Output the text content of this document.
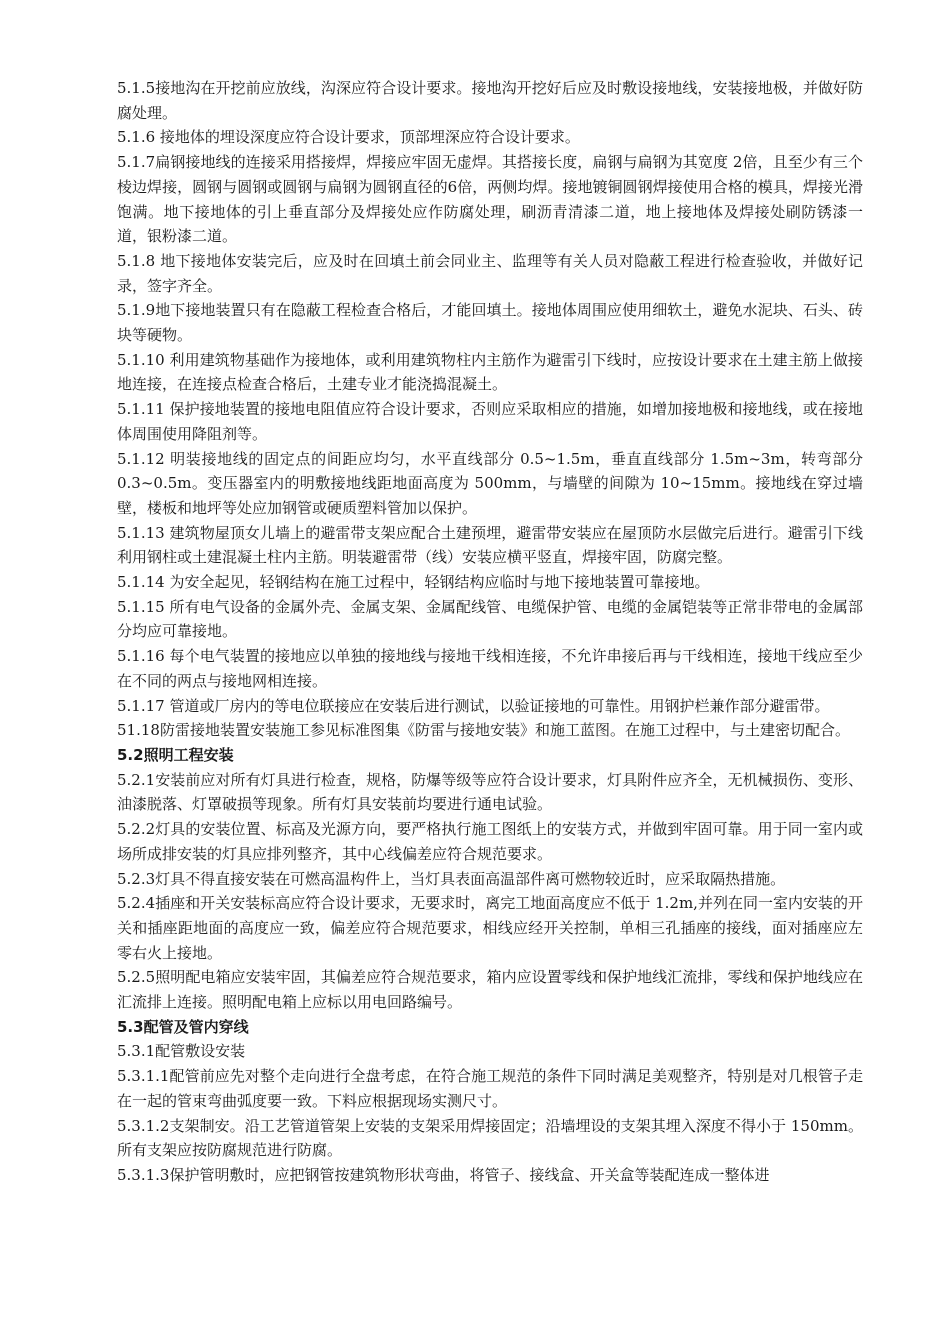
5.1.5接地沟在开挖前应放线，沟深应符合设计要求。接地沟开挖好后应及时敷设接地线，安装接地极，并做好防腐处理。

5.1.6 接地体的埋设深度应符合设计要求，顶部埋深应符合设计要求。

5.1.7扁钢接地线的连接采用搭接焊，焊接应牢固无虚焊。其搭接长度，扁钢与扁钢为其宽度 2倍，且至少有三个棱边焊接，圆钢与圆钢或圆钢与扁钢为圆钢直径的6倍，两侧均焊。接地镀铜圆钢焊接使用合格的模具，焊接光滑饱满。地下接地体的引上垂直部分及焊接处应作防腐处理，刷沥青清漆二道，地上接地体及焊接处刷防锈漆一道，银粉漆二道。

5.1.8 地下接地体安装完后，应及时在回填土前会同业主、监理等有关人员对隐蔽工程进行检查验收，并做好记录，签字齐全。

5.1.9地下接地装置只有在隐蔽工程检查合格后，才能回填土。接地体周围应使用细软土，避免水泥块、石头、砖块等硬物。

5.1.10 利用建筑物基础作为接地体，或利用建筑物柱内主筋作为避雷引下线时，应按设计要求在土建主筋上做接地连接，在连接点检查合格后，土建专业才能浇捣混凝土。

5.1.11 保护接地装置的接地电阻值应符合设计要求，否则应采取相应的措施，如增加接地极和接地线，或在接地体周围使用降阻剂等。

5.1.12 明装接地线的固定点的间距应均匀，水平直线部分 0.5~1.5m，垂直直线部分 1.5m~3m，转弯部分 0.3~0.5m。变压器室内的明敷接地线距地面高度为 500mm，与墙壁的间隙为 10~15mm。接地线在穿过墙壁，楼板和地坪等处应加钢管或硬质塑料管加以保护。

5.1.13 建筑物屋顶女儿墙上的避雷带支架应配合土建预埋，避雷带安装应在屋顶防水层做完后进行。避雷引下线利用钢柱或土建混凝土柱内主筋。明装避雷带（线）安装应横平竖直，焊接牢固，防腐完整。

5.1.14 为安全起见，轻钢结构在施工过程中，轻钢结构应临时与地下接地装置可靠接地。

5.1.15 所有电气设备的金属外壳、金属支架、金属配线管、电缆保护管、电缆的金属铠装等正常非带电的金属部分均应可靠接地。

5.1.16 每个电气装置的接地应以单独的接地线与接地干线相连接，不允许串接后再与干线相连，接地干线应至少在不同的两点与接地网相连接。

5.1.17 管道或厂房内的等电位联接应在安装后进行测试，以验证接地的可靠性。用钢护栏兼作部分避雷带。

51.18防雷接地装置安装施工参见标准图集《防雷与接地安装》和施工蓝图。在施工过程中，与土建密切配合。

5.2照明工程安装

5.2.1安装前应对所有灯具进行检查，规格，防爆等级等应符合设计要求，灯具附件应齐全，无机械损伤、变形、油漆脱落、灯罩破损等现象。所有灯具安装前均要进行通电试验。

5.2.2灯具的安装位置、标高及光源方向，要严格执行施工图纸上的安装方式，并做到牢固可靠。用于同一室内或场所成排安装的灯具应排列整齐，其中心线偏差应符合规范要求。

5.2.3灯具不得直接安装在可燃高温构件上，当灯具表面高温部件离可燃物较近时，应采取隔热措施。

5.2.4插座和开关安装标高应符合设计要求，无要求时，离完工地面高度应不低于 1.2m,并列在同一室内安装的开关和插座距地面的高度应一致，偏差应符合规范要求，相线应经开关控制，单相三孔插座的接线，面对插座应左零右火上接地。

5.2.5照明配电箱应安装牢固，其偏差应符合规范要求，箱内应设置零线和保护地线汇流排，零线和保护地线应在汇流排上连接。照明配电箱上应标以用电回路编号。

5.3配管及管内穿线

5.3.1配管敷设安装

5.3.1.1配管前应先对整个走向进行全盘考虑，在符合施工规范的条件下同时满足美观整齐，特别是对几根管子走在一起的管束弯曲弧度要一致。下料应根据现场实测尺寸。

5.3.1.2支架制安。沿工艺管道管架上安装的支架采用焊接固定；沿墙埋设的支架其埋入深度不得小于 150mm。所有支架应按防腐规范进行防腐。

5.3.1.3保护管明敷时，应把钢管按建筑物形状弯曲，将管子、接线盒、开关盒等装配连成一整体进
